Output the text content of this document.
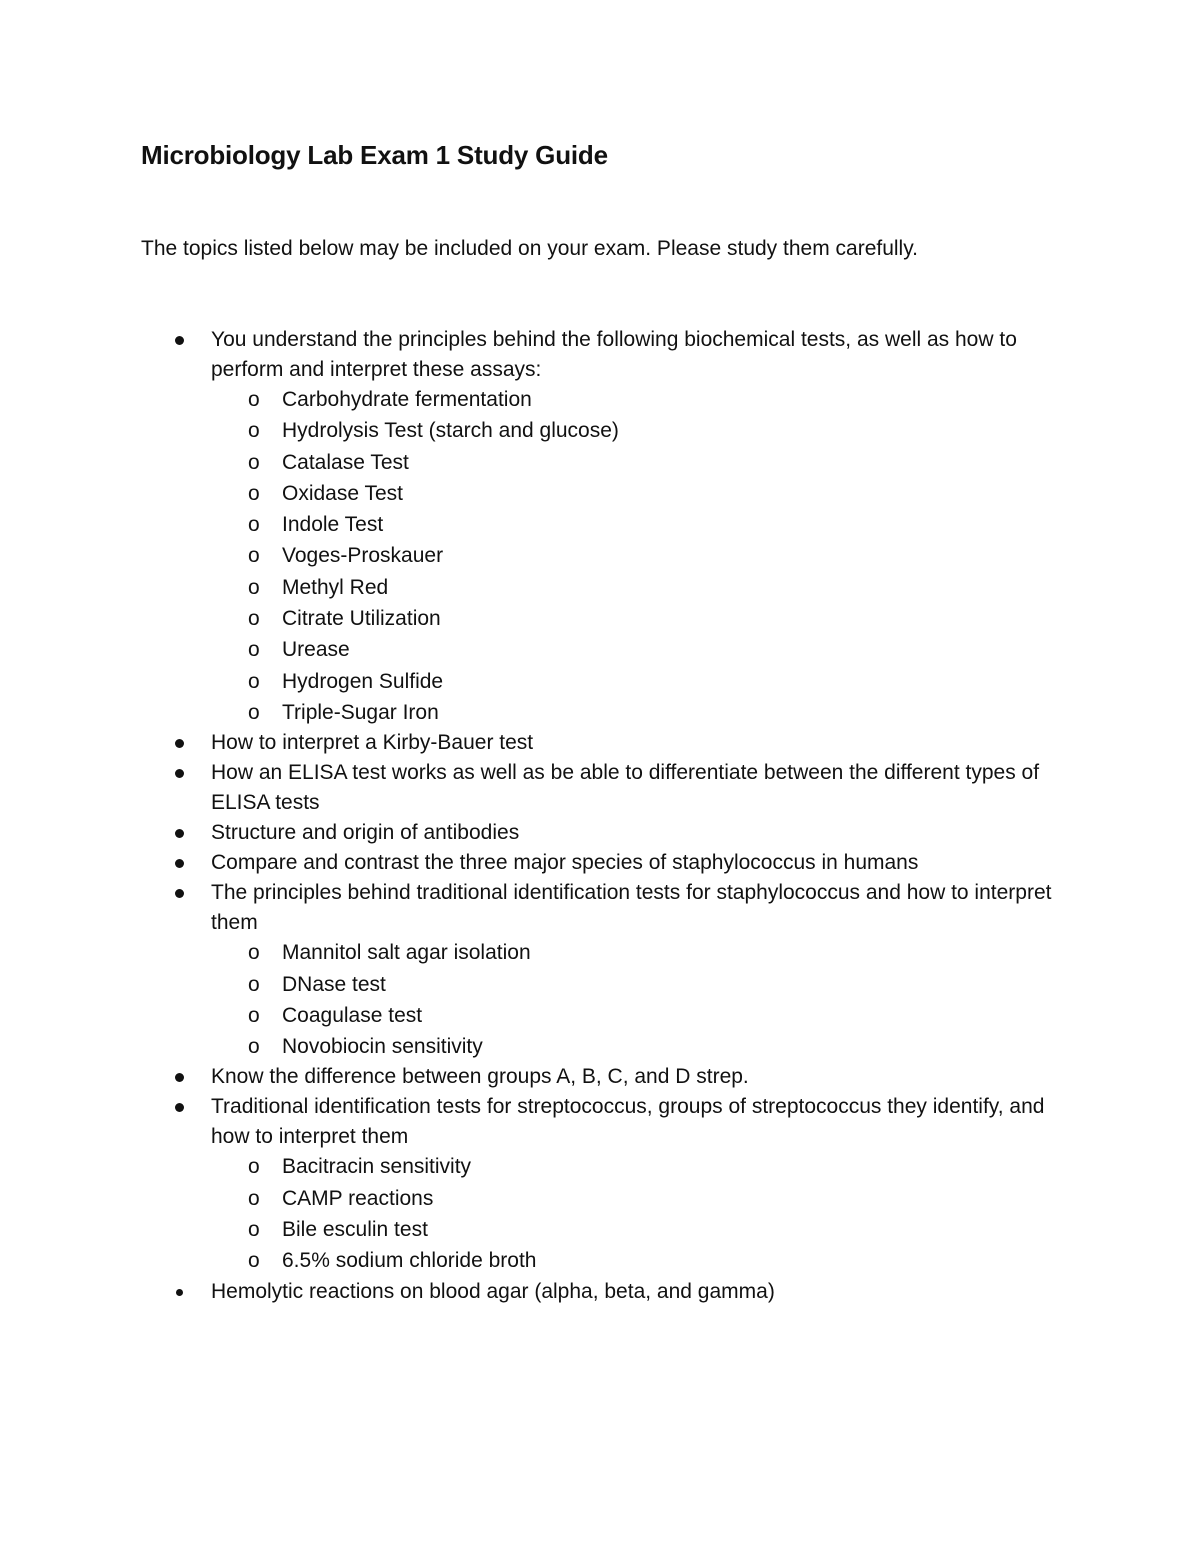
Microbiology Lab Exam 1 Study Guide
The topics listed below may be included on your exam. Please study them carefully.
You understand the principles behind the following biochemical tests, as well as how to perform and interpret these assays:
o Carbohydrate fermentation
o Hydrolysis Test (starch and glucose)
o Catalase Test
o Oxidase Test
o Indole Test
o Voges-Proskauer
o Methyl Red
o Citrate Utilization
o Urease
o Hydrogen Sulfide
o Triple-Sugar Iron
How to interpret a Kirby-Bauer test
How an ELISA test works as well as be able to differentiate between the different types of ELISA tests
Structure and origin of antibodies
Compare and contrast the three major species of staphylococcus in humans
The principles behind traditional identification tests for staphylococcus and how to interpret them
o Mannitol salt agar isolation
o DNase test
o Coagulase test
o Novobiocin sensitivity
Know the difference between groups A, B, C, and D strep.
Traditional identification tests for streptococcus, groups of streptococcus they identify, and how to interpret them
o Bacitracin sensitivity
o CAMP reactions
o Bile esculin test
o 6.5% sodium chloride broth
Hemolytic reactions on blood agar (alpha, beta, and gamma)
